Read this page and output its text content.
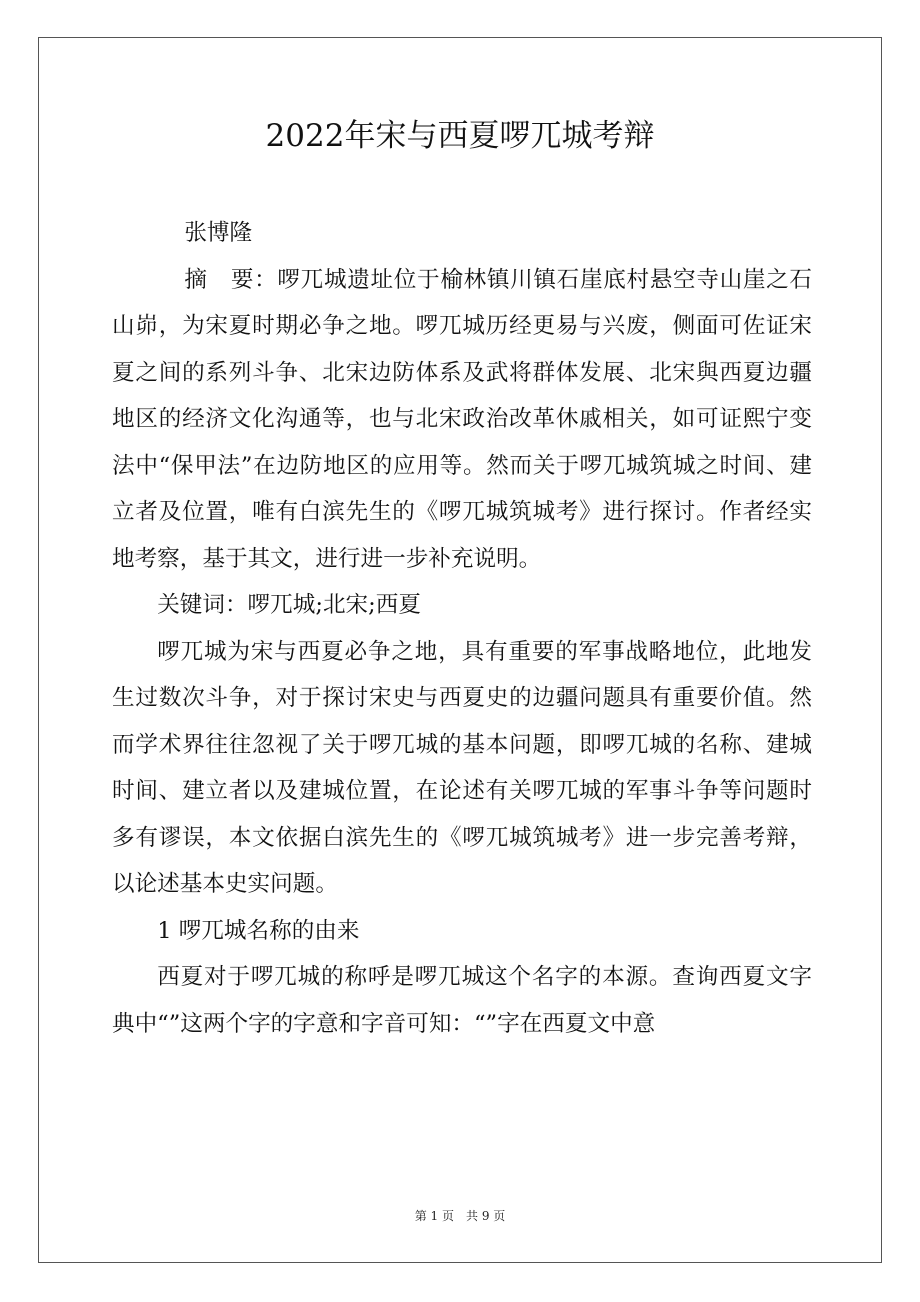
2022年宋与西夏啰兀城考辩

张博隆

摘　要：啰兀城遗址位于榆林镇川镇石崖底村悬空寺山崖之石山峁，为宋夏时期必争之地。啰兀城历经更易与兴废，侧面可佐证宋夏之间的系列斗争、北宋边防体系及武将群体发展、北宋與西夏边疆地区的经济文化沟通等，也与北宋政治改革休戚相关，如可证熙宁变法中“保甲法”在边防地区的应用等。然而关于啰兀城筑城之时间、建立者及位置，唯有白滨先生的《啰兀城筑城考》进行探讨。作者经实地考察，基于其文，进行进一步补充说明。

关键词：啰兀城;北宋;西夏

啰兀城为宋与西夏必争之地，具有重要的军事战略地位，此地发生过数次斗争，对于探讨宋史与西夏史的边疆问题具有重要价值。然而学术界往往忽视了关于啰兀城的基本问题，即啰兀城的名称、建城时间、建立者以及建城位置，在论述有关啰兀城的军事斗争等问题时多有谬误，本文依据白滨先生的《啰兀城筑城考》进一步完善考辩，以论述基本史实问题。

1 啰兀城名称的由来

西夏对于啰兀城的称呼是啰兀城这个名字的本源。查询西夏文字典中“”这两个字的字意和字音可知：“”字在西夏文中意

第 1 页　共 9 页
